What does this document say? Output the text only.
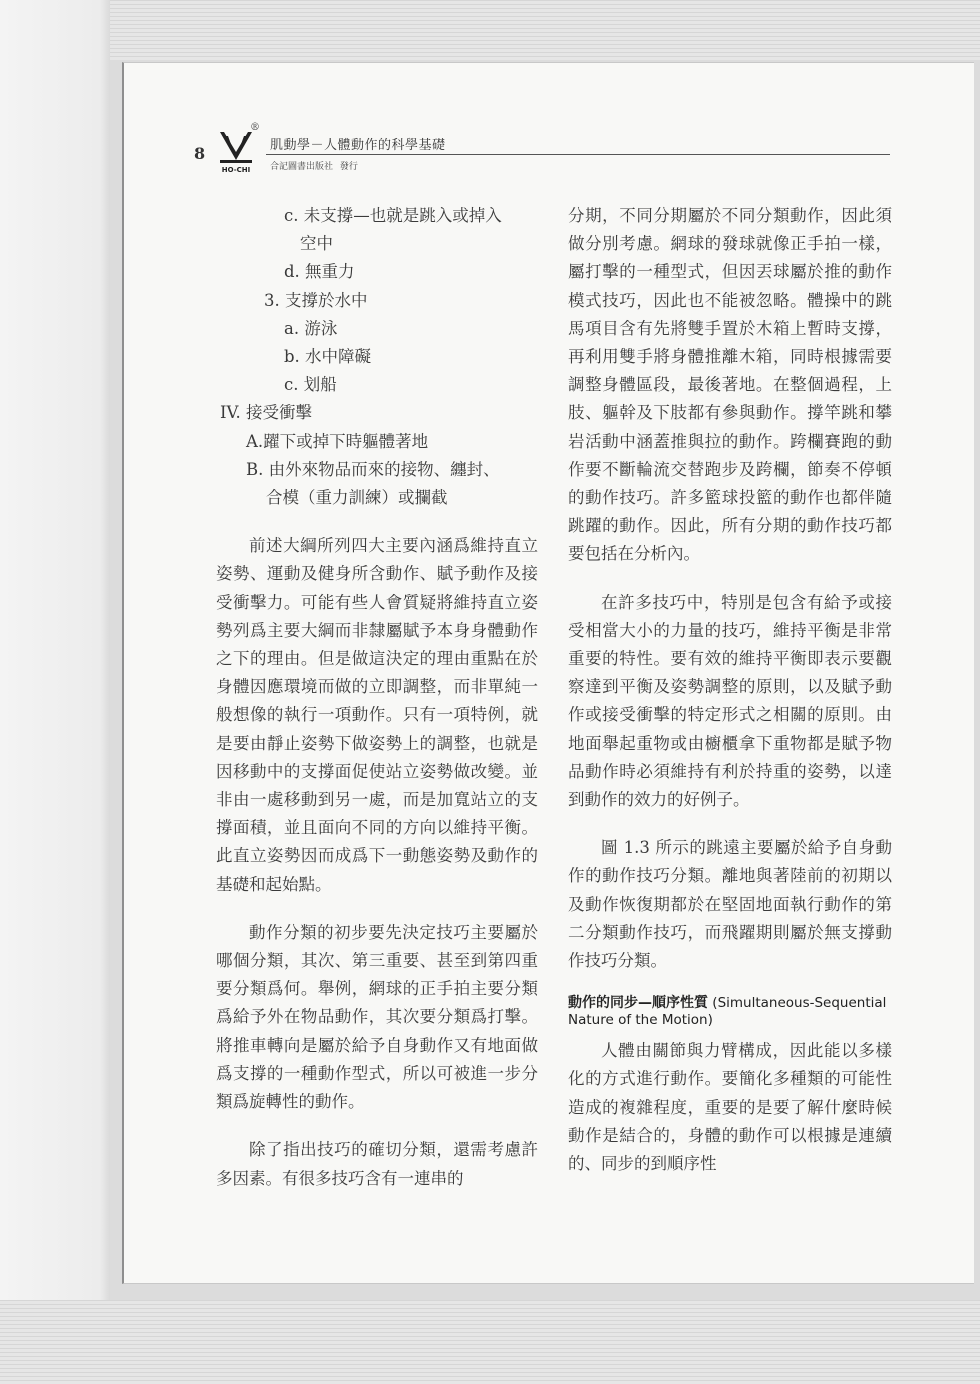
8
HO-CHI
®
肌動學－人體動作的科學基礎
合記圖書出版社 發行
c. 未支撐—也就是跳入或掉入
空中
d. 無重力
3. 支撐於水中
a. 游泳
b. 水中障礙
c. 划船
IV. 接受衝擊
A.躍下或掉下時軀體著地
B. 由外來物品而來的接物、纏封、
合模（重力訓練）或攔截

前述大綱所列四大主要內涵爲維持直立姿勢、運動及健身所含動作、賦予動作及接受衝擊力。可能有些人會質疑將維持直立姿勢列爲主要大綱而非隸屬賦予本身身體動作之下的理由。但是做這決定的理由重點在於身體因應環境而做的立即調整，而非單純一般想像的執行一項動作。只有一項特例，就是要由靜止姿勢下做姿勢上的調整，也就是因移動中的支撐面促使站立姿勢做改變。並非由一處移動到另一處，而是加寬站立的支撐面積，並且面向不同的方向以維持平衡。此直立姿勢因而成爲下一動態姿勢及動作的基礎和起始點。

動作分類的初步要先決定技巧主要屬於哪個分類，其次、第三重要、甚至到第四重要分類爲何。舉例，網球的正手拍主要分類爲給予外在物品動作，其次要分類爲打擊。將推車轉向是屬於給予自身動作又有地面做爲支撐的一種動作型式，所以可被進一步分類爲旋轉性的動作。

除了指出技巧的確切分類，還需考慮許多因素。有很多技巧含有一連串的

分期，不同分期屬於不同分類動作，因此須做分別考慮。網球的發球就像正手拍一樣，屬打擊的一種型式，但因丟球屬於推的動作模式技巧，因此也不能被忽略。體操中的跳馬項目含有先將雙手置於木箱上暫時支撐，再利用雙手將身體推離木箱，同時根據需要調整身體區段，最後著地。在整個過程，上肢、軀幹及下肢都有參與動作。撐竿跳和攀岩活動中涵蓋推與拉的動作。跨欄賽跑的動作要不斷輪流交替跑步及跨欄，節奏不停頓的動作技巧。許多籃球投籃的動作也都伴隨跳躍的動作。因此，所有分期的動作技巧都要包括在分析內。

在許多技巧中，特別是包含有給予或接受相當大小的力量的技巧，維持平衡是非常重要的特性。要有效的維持平衡即表示要觀察達到平衡及姿勢調整的原則，以及賦予動作或接受衝擊的特定形式之相關的原則。由地面舉起重物或由櫥櫃拿下重物都是賦予物品動作時必須維持有利於持重的姿勢，以達到動作的效力的好例子。

圖 1.3 所示的跳遠主要屬於給予自身動作的動作技巧分類。離地與著陸前的初期以及動作恢復期都於在堅固地面執行動作的第二分類動作技巧，而飛躍期則屬於無支撐動作技巧分類。

動作的同步—順序性質 (Simultaneous-Sequential Nature of the Motion)

人體由關節與力臂構成，因此能以多樣化的方式進行動作。要簡化多種類的可能性造成的複雜程度，重要的是要了解什麼時候動作是結合的，身體的動作可以根據是連續的、同步的到順序性
